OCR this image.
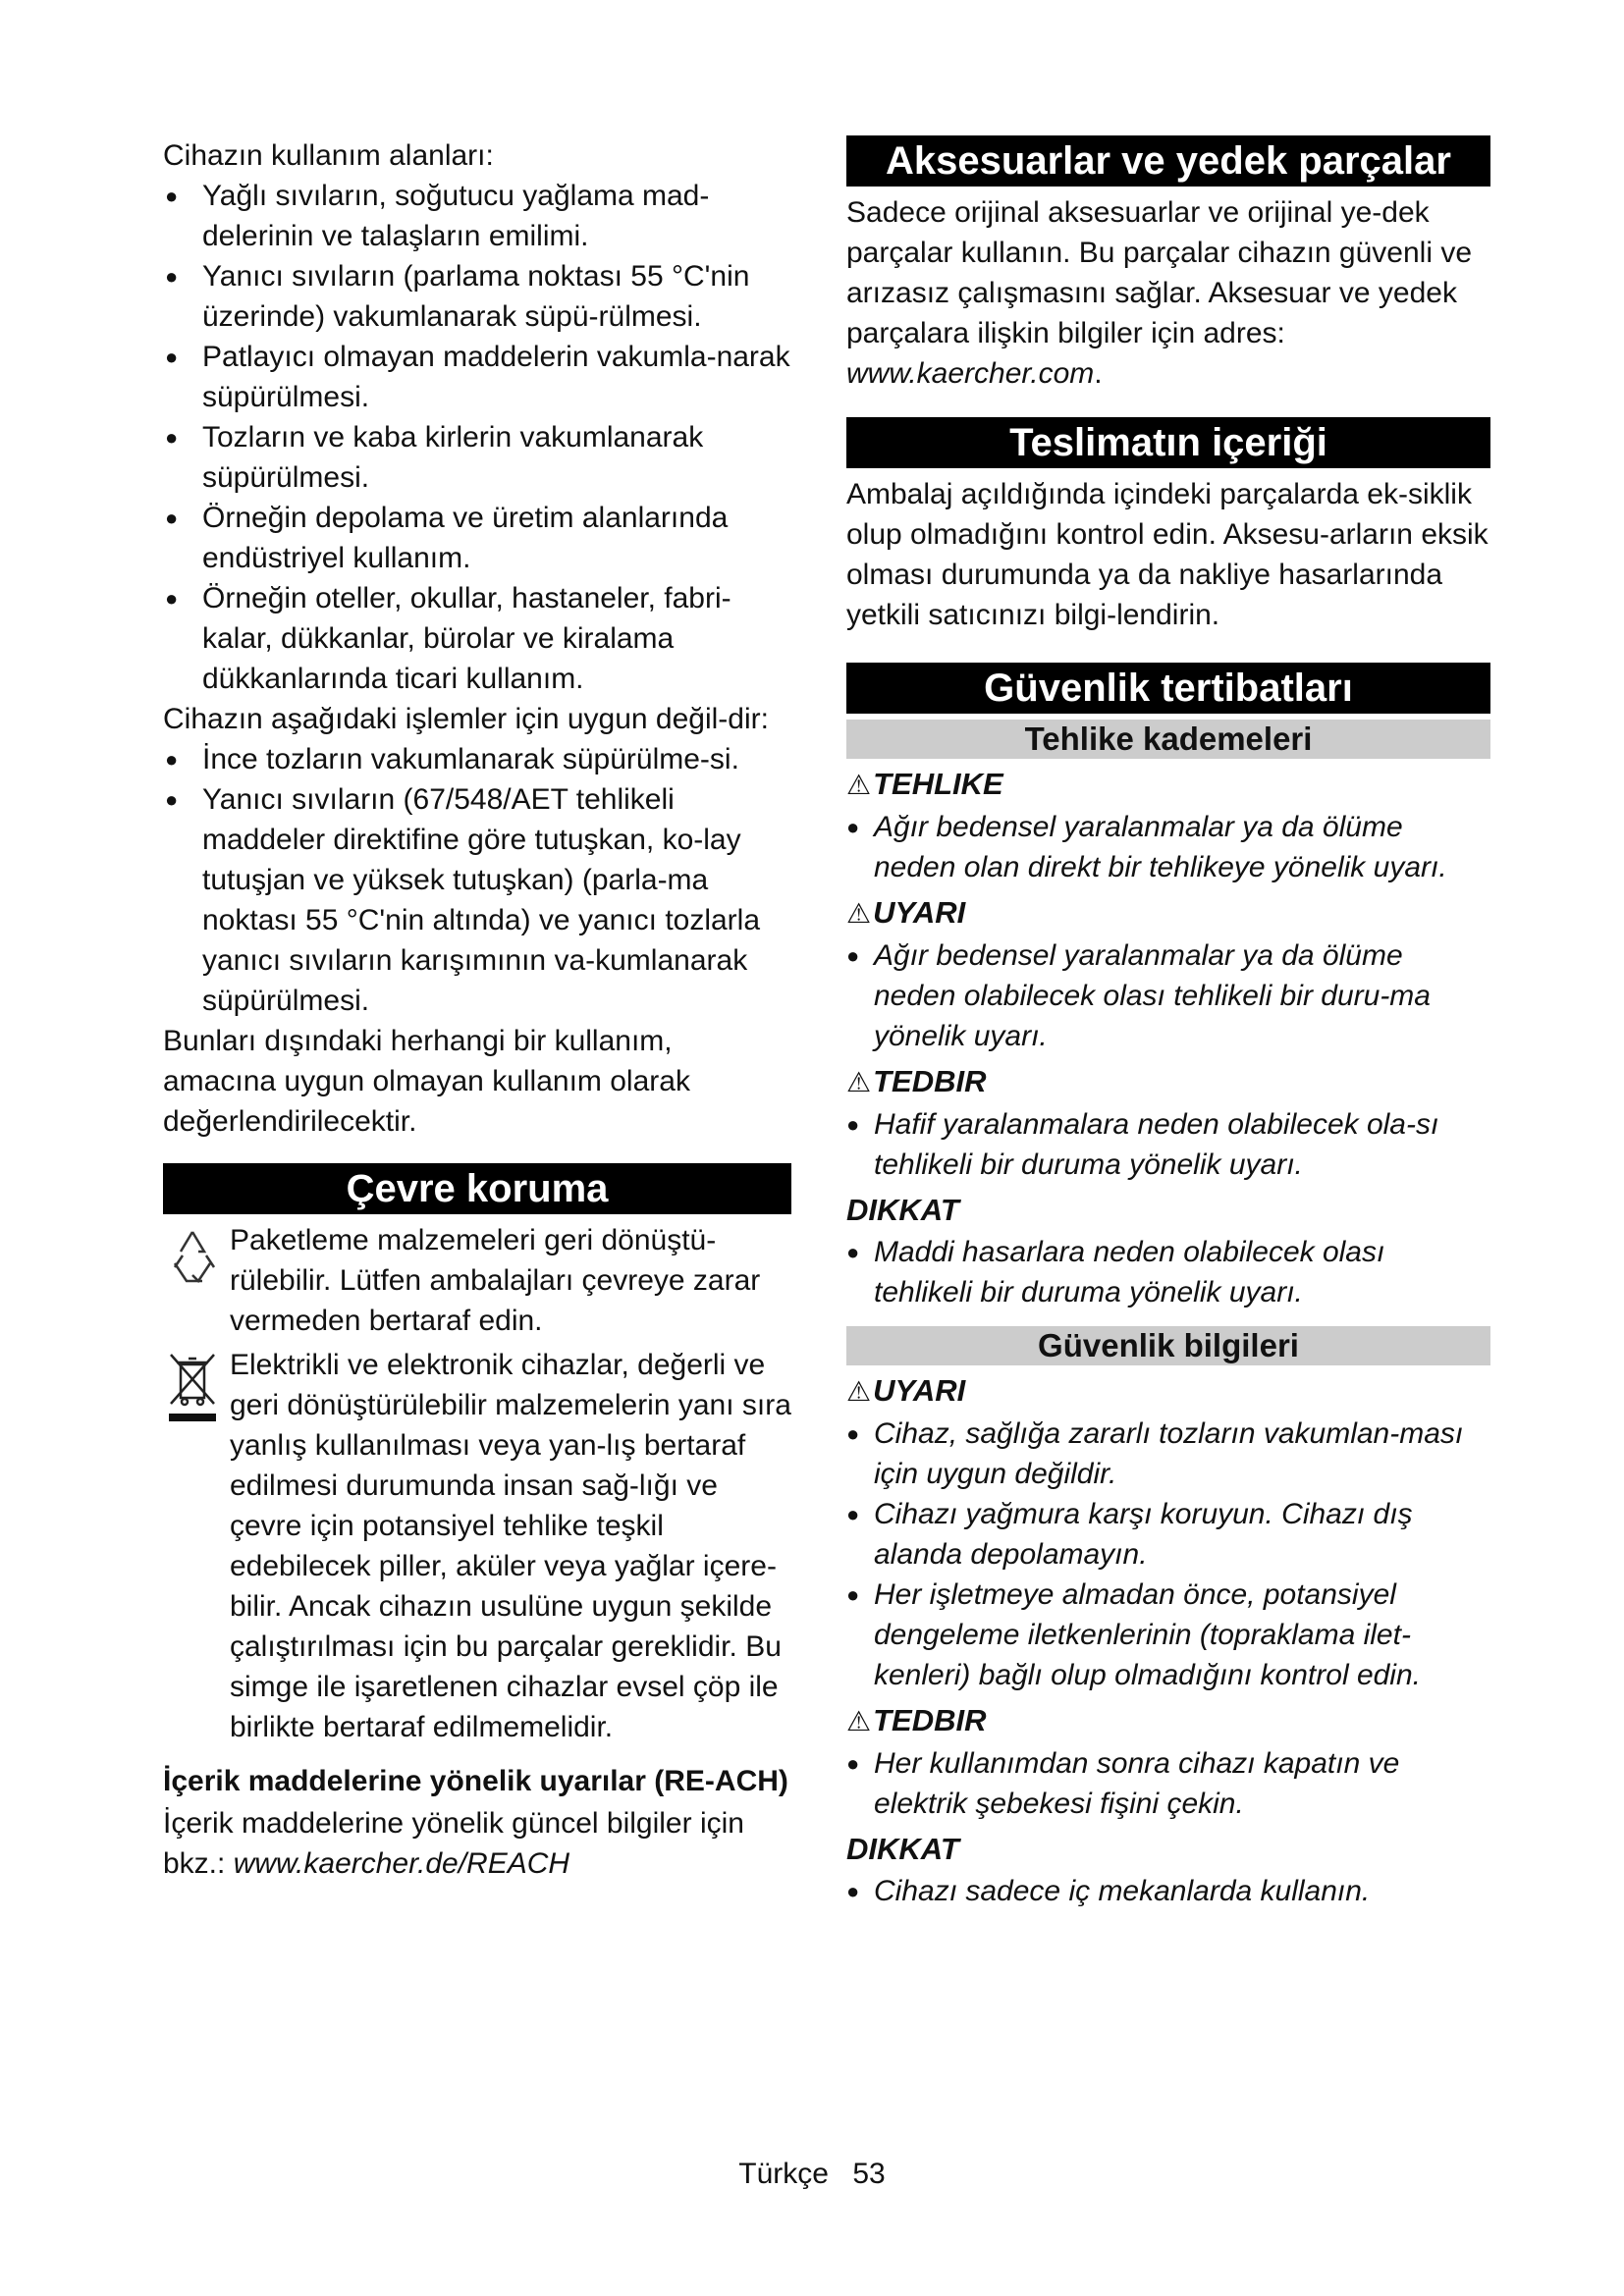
Cihazın kullanım alanları:

● Yağlı sıvıların, soğutucu yağlama mad-delerinin ve talaşların emilimi.
● Yanıcı sıvıların (parlama noktası 55 °C'nin üzerinde) vakumlanarak süpü-rülmesi.
● Patlayıcı olmayan maddelerin vakumla-narak süpürülmesi.
● Tozların ve kaba kirlerin vakumlanarak süpürülmesi.
● Örneğin depolama ve üretim alanlarında endüstriyel kullanım.
● Örneğin oteller, okullar, hastaneler, fabri-kalar, dükkanlar, bürolar ve kiralama dükkanlarında ticari kullanım.

Cihazın aşağıdaki işlemler için uygun değil-dir:

● İnce tozların vakumlanarak süpürülme-si.
● Yanıcı sıvıların (67/548/AET tehlikeli maddeler direktifine göre tutuşkan, ko-lay tutuşjan ve yüksek tutuşkan) (parla-ma noktası 55 °C'nin altında) ve yanıcı tozlarla yanıcı sıvıların karışımının va-kumlanarak süpürülmesi.

Bunları dışındaki herhangi bir kullanım, amacına uygun olmayan kullanım olarak değerlendirilecektir.

Çevre koruma

Paketleme malzemeleri geri dönüştü-rülebilir. Lütfen ambalajları çevreye zarar vermeden bertaraf edin.

Elektrikli ve elektronik cihazlar, değerli ve geri dönüştürülebilir malzemelerin yanı sıra yanlış kullanılması veya yan-lış bertaraf edilmesi durumunda insan sağ-lığı ve çevre için potansiyel tehlike teşkil edebilecek piller, aküler veya yağlar içere-bilir. Ancak cihazın usulüne uygun şekilde çalıştırılması için bu parçalar gereklidir. Bu simge ile işaretlenen cihazlar evsel çöp ile birlikte bertaraf edilmemelidir.

İçerik maddelerine yönelik uyarılar (RE-ACH)

İçerik maddelerine yönelik güncel bilgiler için bkz.: www.kaercher.de/REACH

Aksesuarlar ve yedek parçalar

Sadece orijinal aksesuarlar ve orijinal ye-dek parçalar kullanın. Bu parçalar cihazın güvenli ve arızasız çalışmasını sağlar. Aksesuar ve yedek parçalara ilişkin bilgiler için adres: www.kaercher.com.

Teslimatın içeriği

Ambalaj açıldığında içindeki parçalarda ek-siklik olup olmadığını kontrol edin. Aksesu-arların eksik olması durumunda ya da nakliye hasarlarında yetkili satıcınızı bilgi-lendirin.

Güvenlik tertibatları
Tehlike kademeleri

⚠TEHLIKE

● Ağır bedensel yaralanmalar ya da ölüme neden olan direkt bir tehlikeye yönelik uyarı.

⚠UYARI

● Ağır bedensel yaralanmalar ya da ölüme neden olabilecek olası tehlikeli bir duru-ma yönelik uyarı.

⚠TEDBIR

● Hafif yaralanmalara neden olabilecek ola-sı tehlikeli bir duruma yönelik uyarı.

DIKKAT

● Maddi hasarlara neden olabilecek olası tehlikeli bir duruma yönelik uyarı.
Güvenlik bilgileri

⚠UYARI

● Cihaz, sağlığa zararlı tozların vakumlan-ması için uygun değildir.
● Cihazı yağmura karşı koruyun. Cihazı dış alanda depolamayın.
● Her işletmeye almadan önce, potansiyel dengeleme iletkenlerinin (topraklama ilet-kenleri) bağlı olup olmadığını kontrol edin.

⚠TEDBIR

● Her kullanımdan sonra cihazı kapatın ve elektrik şebekesi fişini çekin.

DIKKAT

● Cihazı sadece iç mekanlarda kullanın.
Türkçe 53
